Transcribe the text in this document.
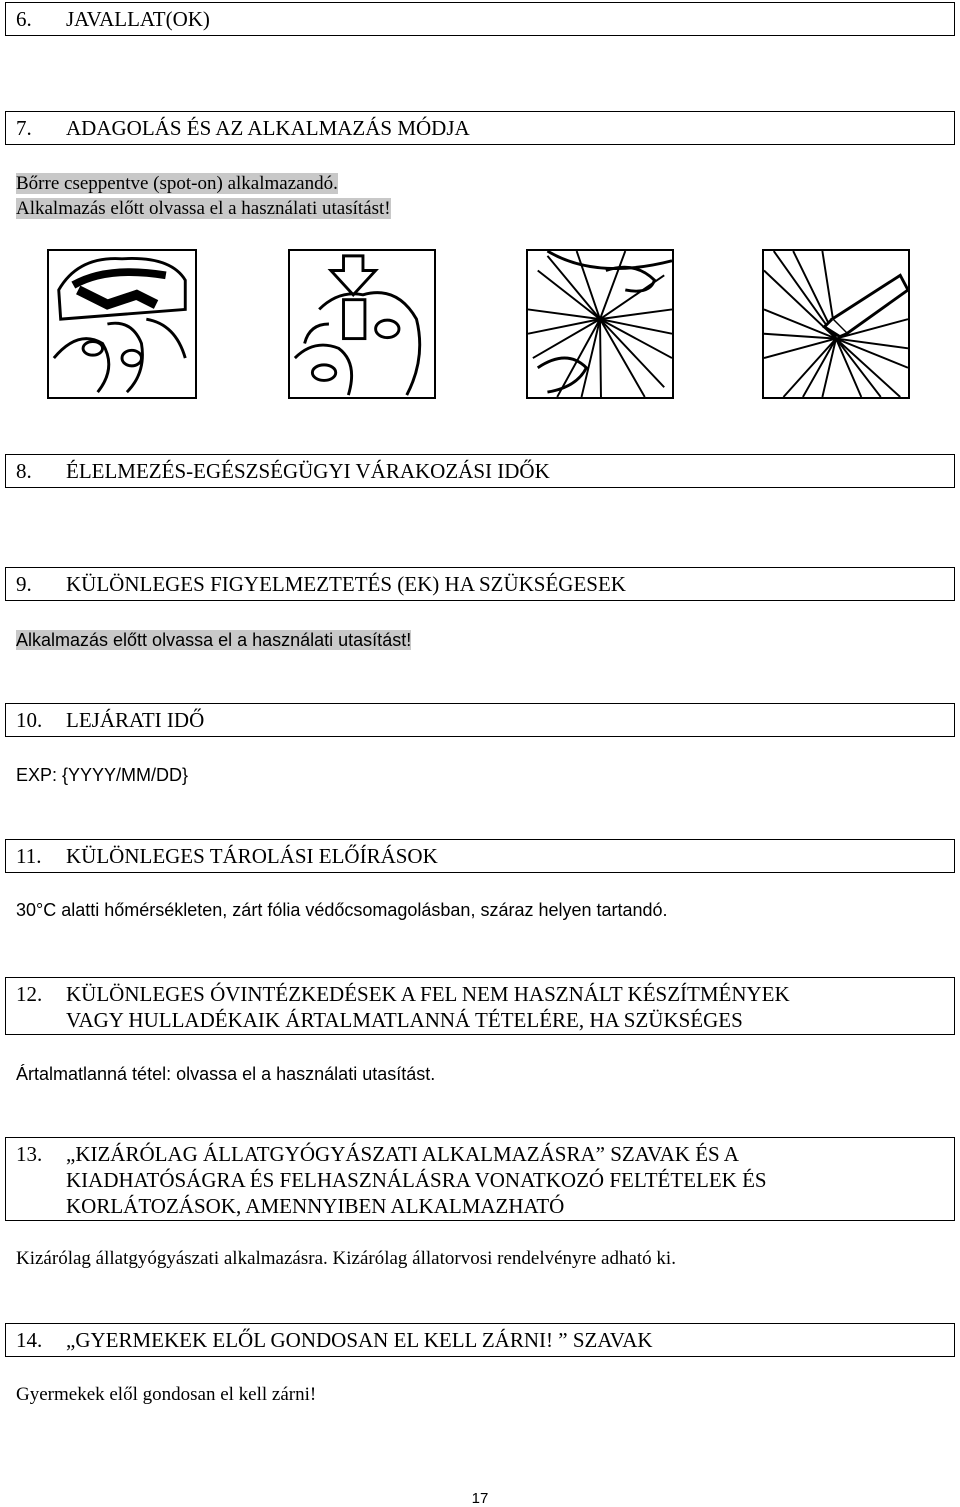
6.	JAVALLAT(OK)
7.	ADAGOLÁS ÉS AZ ALKALMAZÁS MÓDJA
Bőrre cseppentve (spot-on) alkalmazandó.
Alkalmazás előtt olvassa el a használati utasítást!
8.	ÉLELMEZÉS-EGÉSZSÉGÜGYI VÁRAKOZÁSI IDŐK
9.	KÜLÖNLEGES FIGYELMEZTETÉS (EK) HA SZÜKSÉGESEK
Alkalmazás előtt olvassa el a használati utasítást!
10.	LEJÁRATI IDŐ
EXP: {YYYY/MM/DD}
11.	KÜLÖNLEGES TÁROLÁSI ELŐÍRÁSOK
30°C alatti hőmérsékleten, zárt fólia védőcsomagolásban, száraz helyen tartandó.
12.	KÜLÖNLEGES ÓVINTÉZKEDÉSEK A FEL NEM HASZNÁLT KÉSZÍTMÉNYEK
VAGY HULLADÉKAIK ÁRTALMATLANNÁ TÉTELÉRE, HA SZÜKSÉGES
Ártalmatlanná tétel: olvassa el a használati utasítást.
13.	„KIZÁRÓLAG ÁLLATGYÓGYÁSZATI ALKALMAZÁSRA” SZAVAK ÉS A
KIADHATÓSÁGRA ÉS FELHASZNÁLÁSRA VONATKOZÓ FELTÉTELEK ÉS
KORLÁTOZÁSOK, AMENNYIBEN ALKALMAZHATÓ
Kizárólag állatgyógyászati alkalmazásra. Kizárólag állatorvosi rendelvényre adható ki.
14.	„GYERMEKEK ELŐL GONDOSAN EL KELL ZÁRNI! ” SZAVAK
Gyermekek elől gondosan el kell zárni!
17
